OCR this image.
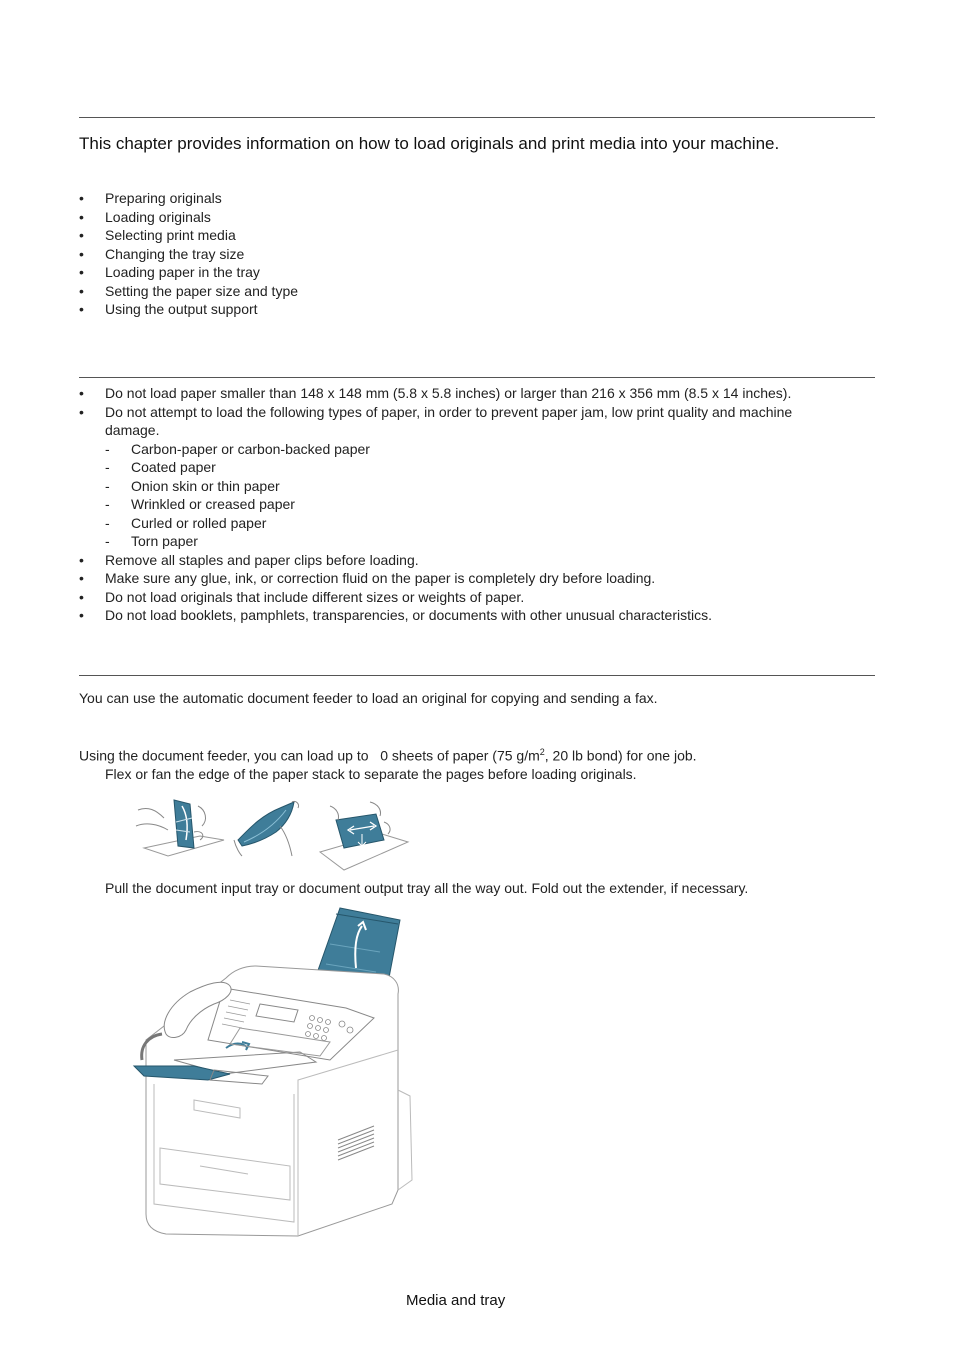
This chapter provides information on how to load originals and print media into your machine.
• Preparing originals
• Loading originals
• Selecting print media
• Changing the tray size
• Loading paper in the tray
• Setting the paper size and type
• Using the output support
• Do not load paper smaller than 148 x 148 mm (5.8 x 5.8 inches) or larger than 216 x 356 mm (8.5 x 14 inches).
• Do not attempt to load the following types of paper, in order to prevent paper jam, low print quality and machine
damage.
- Carbon-paper or carbon-backed paper
- Coated paper
- Onion skin or thin paper
- Wrinkled or creased paper
- Curled or rolled paper
- Torn paper
• Remove all staples and paper clips before loading.
• Make sure any glue, ink, or correction fluid on the paper is completely dry before loading.
• Do not load originals that include different sizes or weights of paper.
• Do not load booklets, pamphlets, transparencies, or documents with other unusual characteristics.
You can use the automatic document feeder to load an original for copying and sending a fax.
Using the document feeder, you can load up to 0 sheets of paper (75 $g/m^2$, 20 lb bond) for one job.
Flex or fan the edge of the paper stack to separate the pages before loading originals.
Pull the document input tray or document output tray all the way out. Fold out the extender, if necessary.
Media and tray
